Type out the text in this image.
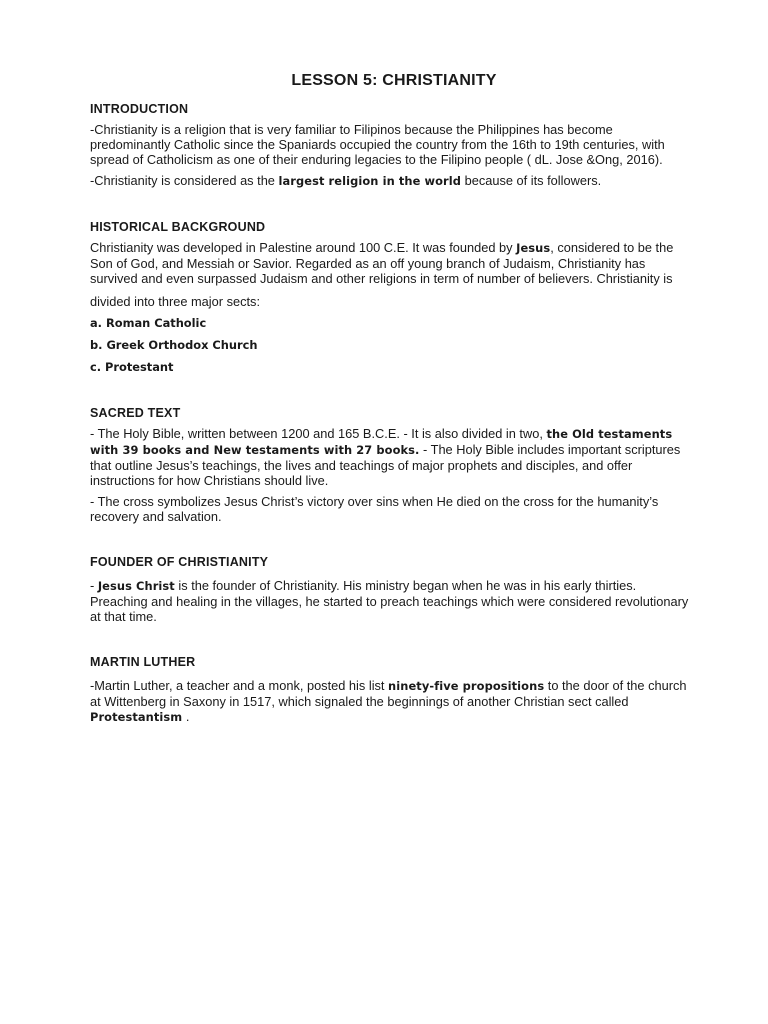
LESSON 5: CHRISTIANITY
INTRODUCTION

-Christianity is a religion that is very familiar to Filipinos because the Philippines has become predominantly Catholic since the Spaniards occupied the country from the 16th to 19th centuries, with spread of Catholicism as one of their enduring legacies to the Filipino people ( dL. Jose &Ong, 2016).

-Christianity is considered as the largest religion in the world because of its followers.

HISTORICAL BACKGROUND

Christianity was developed in Palestine around 100 C.E. It was founded by Jesus, considered to be the Son of God, and Messiah or Savior. Regarded as an off young branch of Judaism, Christianity has survived and even surpassed Judaism and other religions in term of number of believers. Christianity is

divided into three major sects:

a. Roman Catholic
b. Greek Orthodox Church
c. Protestant
SACRED TEXT

- The Holy Bible, written between 1200 and 165 B.C.E. - It is also divided in two, the Old testaments with 39 books and New testaments with 27 books. - The Holy Bible includes important scriptures that outline Jesus’s teachings, the lives and teachings of major prophets and disciples, and offer instructions for how Christians should live.

- The cross symbolizes Jesus Christ’s victory over sins when He died on the cross for the humanity’s recovery and salvation.

FOUNDER OF CHRISTIANITY

- Jesus Christ is the founder of Christianity. His ministry began when he was in his early thirties. Preaching and healing in the villages, he started to preach teachings which were considered revolutionary at that time.

MARTIN LUTHER

-Martin Luther, a teacher and a monk, posted his list ninety-five propositions to the door of the church at Wittenberg in Saxony in 1517, which signaled the beginnings of another Christian sect called Protestantism .
